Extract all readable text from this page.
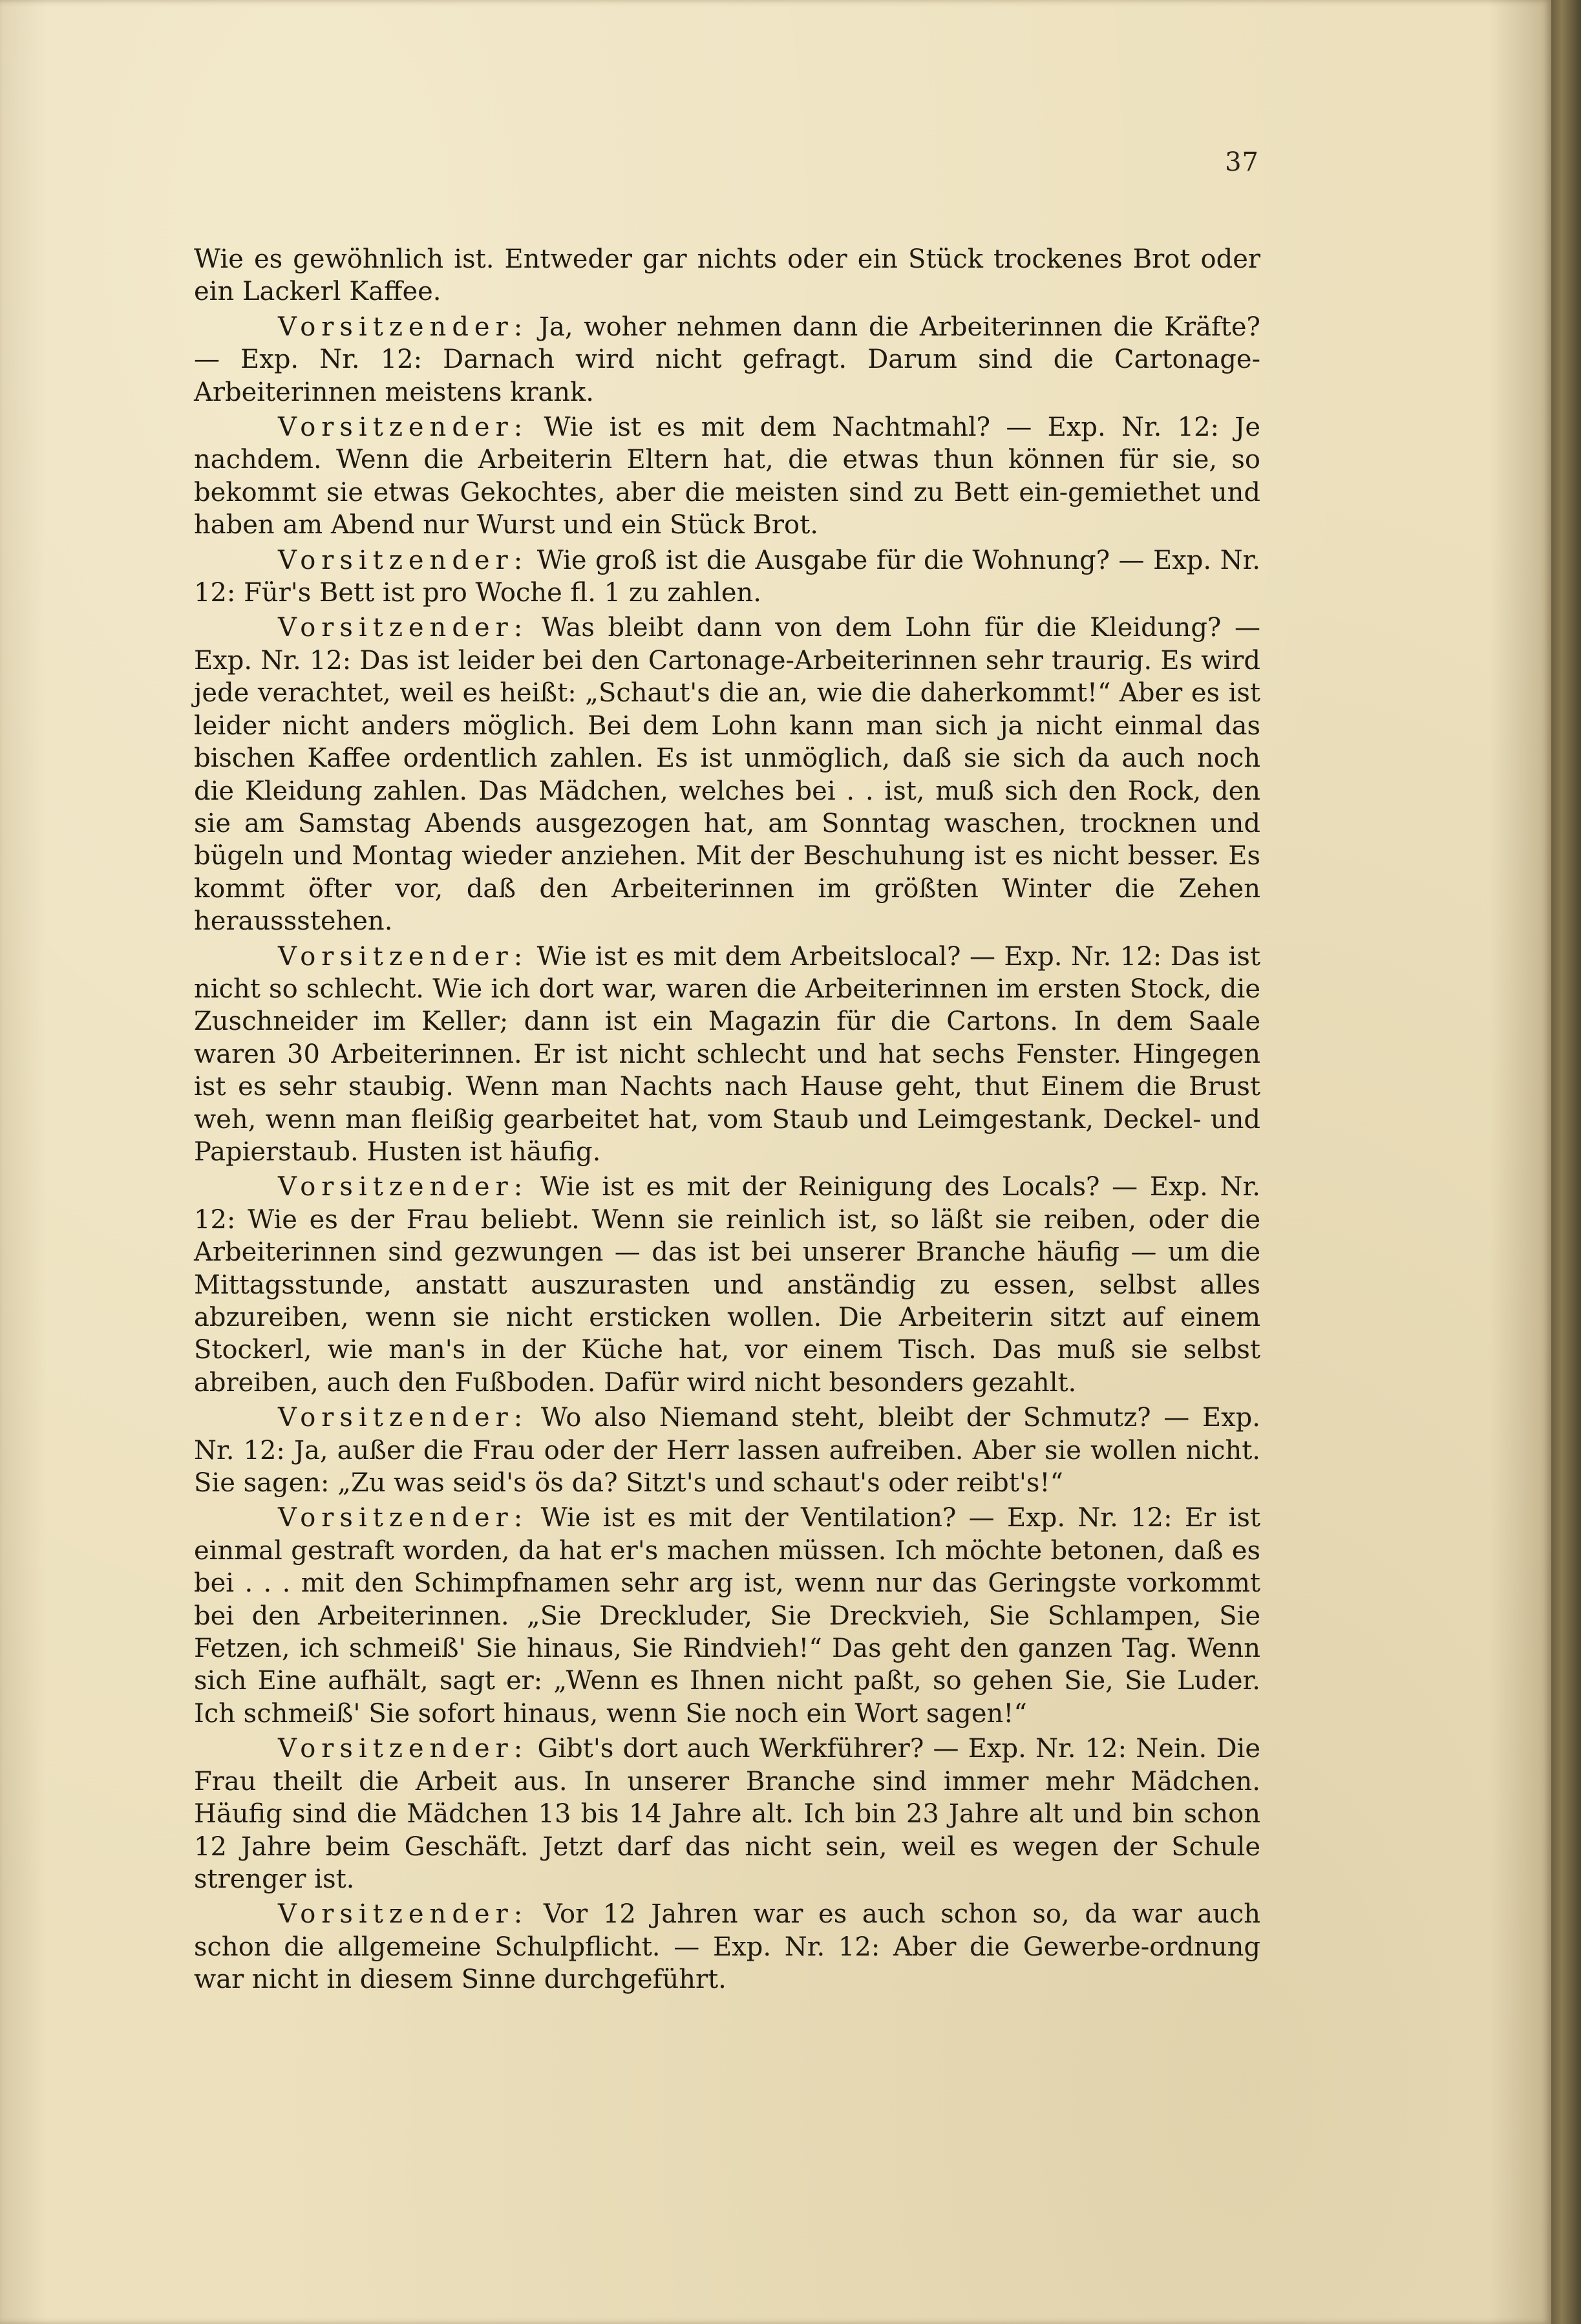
37

Wie es gewöhnlich ist. Entweder gar nichts oder ein Stück trockenes Brot oder ein Lackerl Kaffee.

Vorsitzender: Ja, woher nehmen dann die Arbeiterinnen die Kräfte? — Exp. Nr. 12: Darnach wird nicht gefragt. Darum sind die Cartonage-Arbeiterinnen meistens krank.

Vorsitzender: Wie ist es mit dem Nachtmahl? — Exp. Nr. 12: Je nachdem. Wenn die Arbeiterin Eltern hat, die etwas thun können für sie, so bekommt sie etwas Gekochtes, aber die meisten sind zu Bett ein-gemiethet und haben am Abend nur Wurst und ein Stück Brot.

Vorsitzender: Wie groß ist die Ausgabe für die Wohnung? — Exp. Nr. 12: Für's Bett ist pro Woche fl. 1 zu zahlen.

Vorsitzender: Was bleibt dann von dem Lohn für die Kleidung? — Exp. Nr. 12: Das ist leider bei den Cartonage-Arbeiterinnen sehr traurig. Es wird jede verachtet, weil es heißt: „Schaut's die an, wie die daherkommt!“ Aber es ist leider nicht anders möglich. Bei dem Lohn kann man sich ja nicht einmal das bischen Kaffee ordentlich zahlen. Es ist unmöglich, daß sie sich da auch noch die Kleidung zahlen. Das Mädchen, welches bei . . ist, muß sich den Rock, den sie am Samstag Abends ausgezogen hat, am Sonntag waschen, trocknen und bügeln und Montag wieder anziehen. Mit der Beschuhung ist es nicht besser. Es kommt öfter vor, daß den Arbeiterinnen im größten Winter die Zehen heraussstehen.

Vorsitzender: Wie ist es mit dem Arbeitslocal? — Exp. Nr. 12: Das ist nicht so schlecht. Wie ich dort war, waren die Arbeiterinnen im ersten Stock, die Zuschneider im Keller; dann ist ein Magazin für die Cartons. In dem Saale waren 30 Arbeiterinnen. Er ist nicht schlecht und hat sechs Fenster. Hingegen ist es sehr staubig. Wenn man Nachts nach Hause geht, thut Einem die Brust weh, wenn man fleißig gearbeitet hat, vom Staub und Leimgestank, Deckel- und Papierstaub. Husten ist häufig.

Vorsitzender: Wie ist es mit der Reinigung des Locals? — Exp. Nr. 12: Wie es der Frau beliebt. Wenn sie reinlich ist, so läßt sie reiben, oder die Arbeiterinnen sind gezwungen — das ist bei unserer Branche häufig — um die Mittagsstunde, anstatt auszurasten und anständig zu essen, selbst alles abzureiben, wenn sie nicht ersticken wollen. Die Arbeiterin sitzt auf einem Stockerl, wie man's in der Küche hat, vor einem Tisch. Das muß sie selbst abreiben, auch den Fußboden. Dafür wird nicht besonders gezahlt.

Vorsitzender: Wo also Niemand steht, bleibt der Schmutz? — Exp. Nr. 12: Ja, außer die Frau oder der Herr lassen aufreiben. Aber sie wollen nicht. Sie sagen: „Zu was seid's ös da? Sitzt's und schaut's oder reibt's!“

Vorsitzender: Wie ist es mit der Ventilation? — Exp. Nr. 12: Er ist einmal gestraft worden, da hat er's machen müssen. Ich möchte betonen, daß es bei . . . mit den Schimpfnamen sehr arg ist, wenn nur das Geringste vorkommt bei den Arbeiterinnen. „Sie Dreckluder, Sie Dreckvieh, Sie Schlampen, Sie Fetzen, ich schmeiß' Sie hinaus, Sie Rindvieh!“ Das geht den ganzen Tag. Wenn sich Eine aufhält, sagt er: „Wenn es Ihnen nicht paßt, so gehen Sie, Sie Luder. Ich schmeiß' Sie sofort hinaus, wenn Sie noch ein Wort sagen!“

Vorsitzender: Gibt's dort auch Werkführer? — Exp. Nr. 12: Nein. Die Frau theilt die Arbeit aus. In unserer Branche sind immer mehr Mädchen. Häufig sind die Mädchen 13 bis 14 Jahre alt. Ich bin 23 Jahre alt und bin schon 12 Jahre beim Geschäft. Jetzt darf das nicht sein, weil es wegen der Schule strenger ist.

Vorsitzender: Vor 12 Jahren war es auch schon so, da war auch schon die allgemeine Schulpflicht. — Exp. Nr. 12: Aber die Gewerbe-ordnung war nicht in diesem Sinne durchgeführt.
